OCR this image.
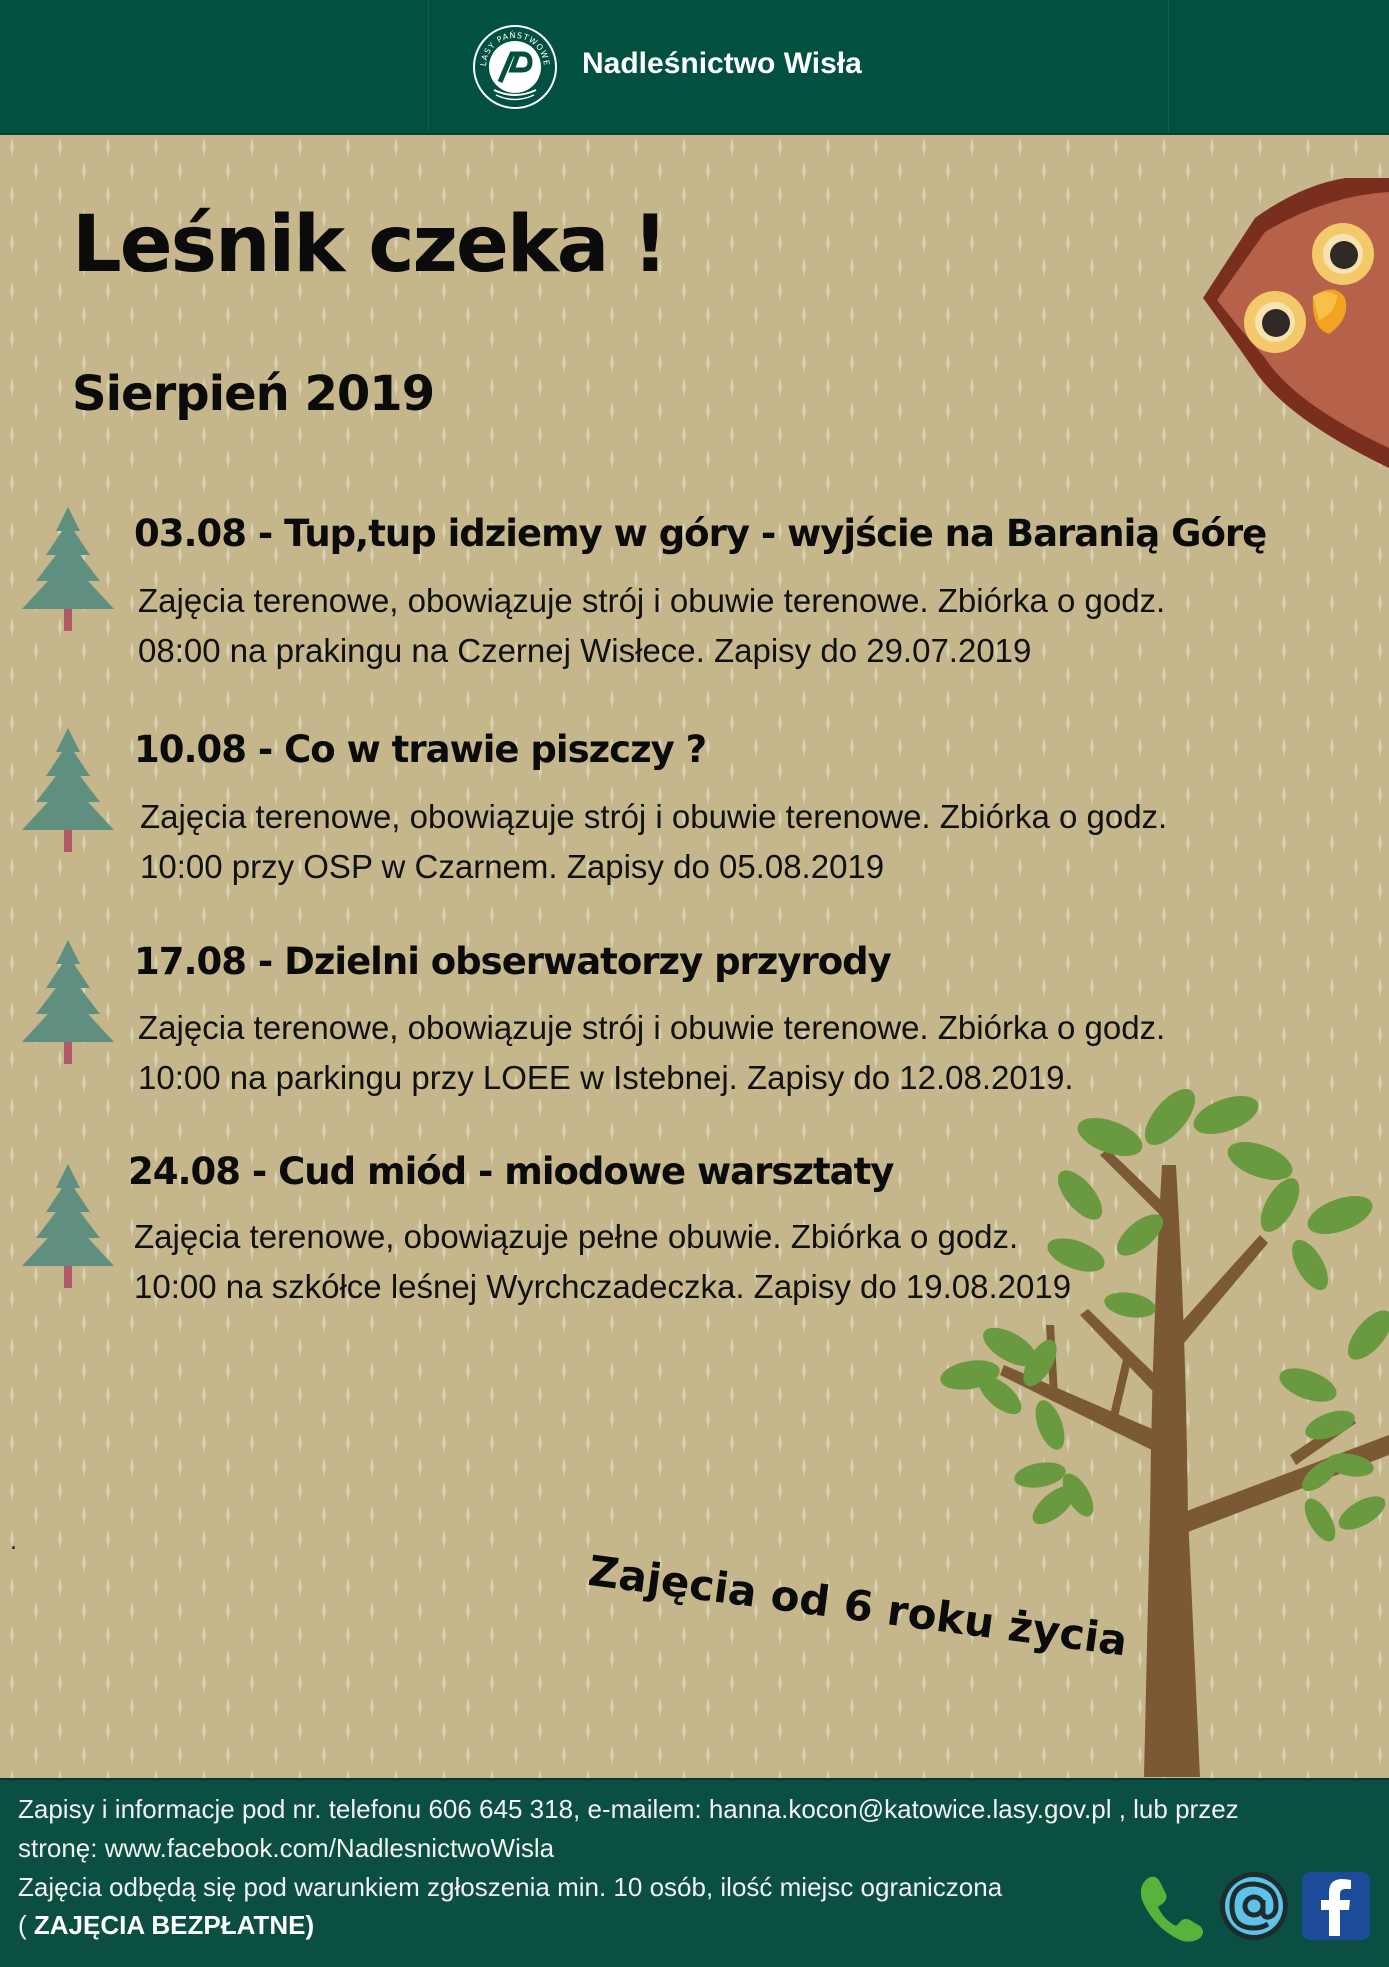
LASY PAŃSTWOWE Nadleśnictwo Wisła
Leśnik czeka !
Sierpień 2019
03.08 - Tup,tup idziemy w góry - wyjście na Baranią Górę

Zajęcia terenowe, obowiązuje strój i obuwie terenowe. Zbiórka o godz.
08:00 na prakingu na Czernej Wisłece. Zapisy do 29.07.2019

10.08 - Co w trawie piszczy ?

Zajęcia terenowe, obowiązuje strój i obuwie terenowe. Zbiórka o godz.
10:00 przy OSP w Czarnem. Zapisy do 05.08.2019

17.08 - Dzielni obserwatorzy przyrody

Zajęcia terenowe, obowiązuje strój i obuwie terenowe. Zbiórka o godz.
10:00 na parkingu przy LOEE w Istebnej. Zapisy do 12.08.2019.

24.08 - Cud miód - miodowe warsztaty

Zajęcia terenowe, obowiązuje pełne obuwie. Zbiórka o godz.
10:00 na szkółce leśnej Wyrchczadeczka. Zapisy do 19.08.2019

Zajęcia od 6 roku życia

.

Zapisy i informacje pod nr. telefonu 606 645 318, e-mailem: hanna.kocon@katowice.lasy.gov.pl , lub przez

stronę: www.facebook.com/NadlesnictwoWisla

Zajęcia odbędą się pod warunkiem zgłoszenia min. 10 osób, ilość miejsc ograniczona

( ZAJĘCIA BEZPŁATNE)
